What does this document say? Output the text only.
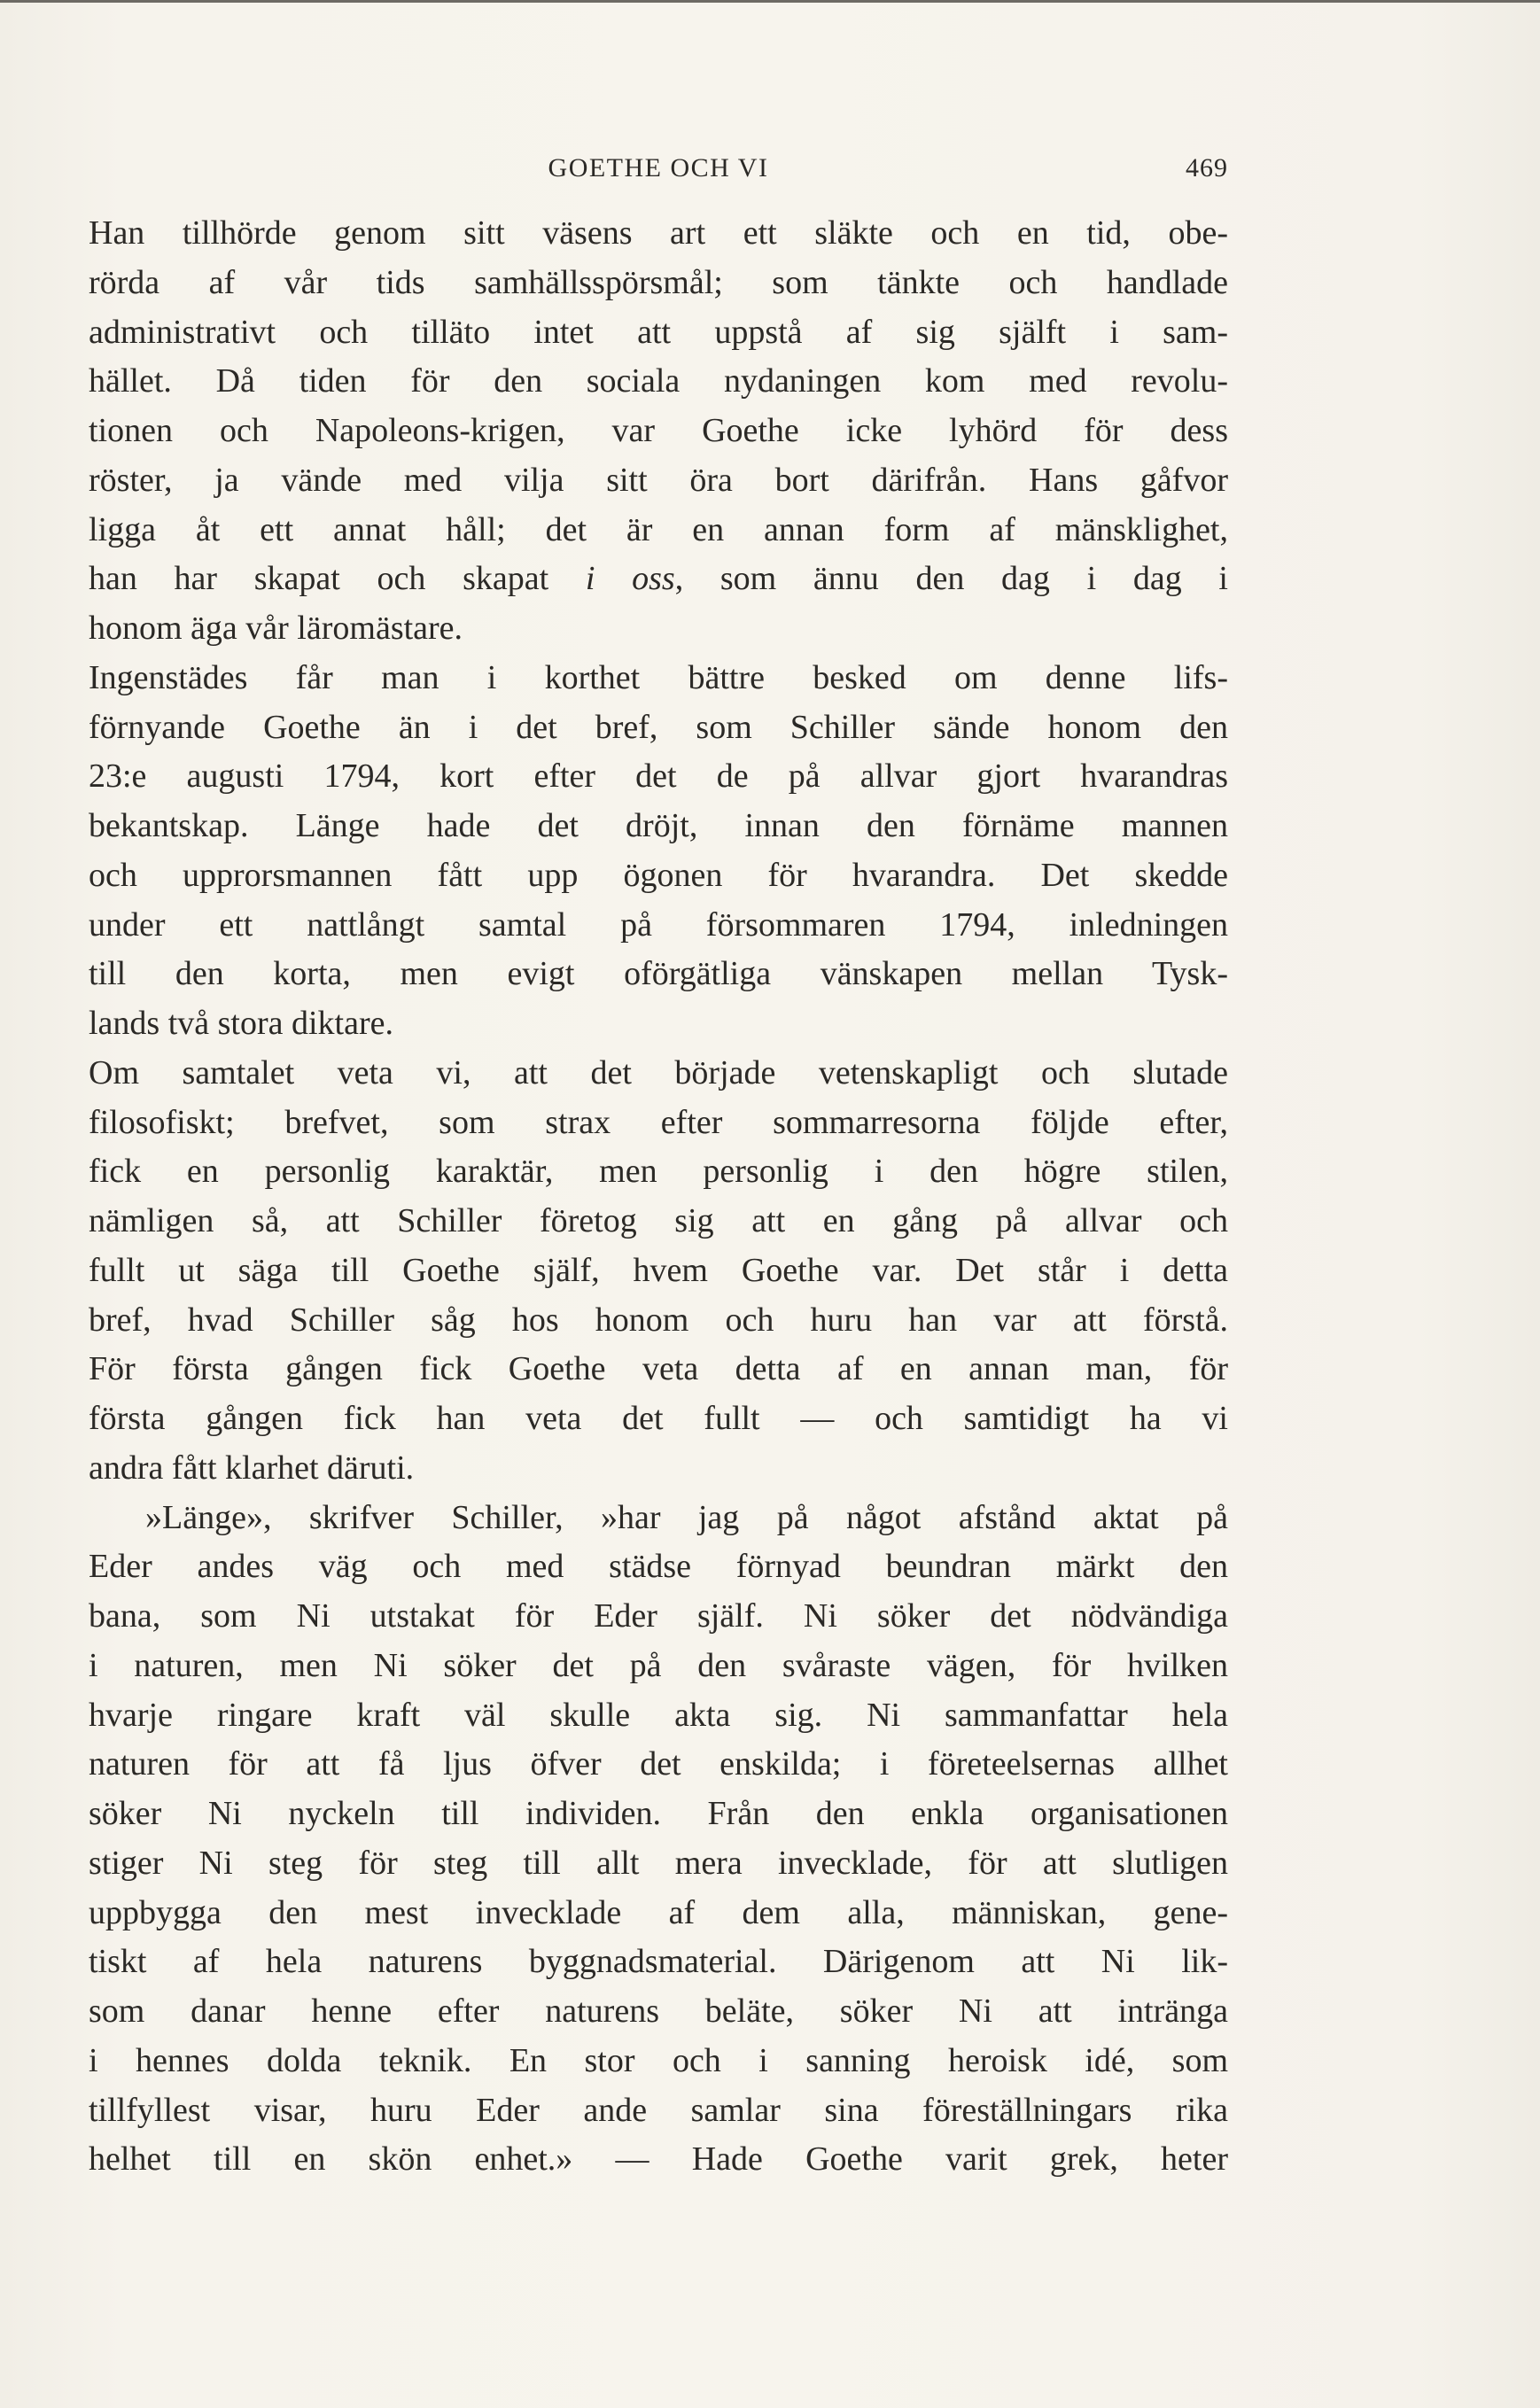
GOETHE OCH VI	469
Han tillhörde genom sitt väsens art ett släkte och en tid, obe-
rörda af vår tids samhällsspörsmål; som tänkte och handlade
administrativt och tilläto intet att uppstå af sig själft i sam-
hället. Då tiden för den sociala nydaningen kom med revolu-
tionen och Napoleons-krigen, var Goethe icke lyhörd för dess
röster, ja vände med vilja sitt öra bort därifrån. Hans gåfvor
ligga åt ett annat håll; det är en annan form af mänsklighet,
han har skapat och skapat i oss, som ännu den dag i dag i
honom äga vår läromästare.
Ingenstädes får man i korthet bättre besked om denne lifs-
förnyande Goethe än i det bref, som Schiller sände honom den
23:e augusti 1794, kort efter det de på allvar gjort hvarandras
bekantskap. Länge hade det dröjt, innan den förnäme mannen
och upprorsmannen fått upp ögonen för hvarandra. Det skedde
under ett nattlångt samtal på försommaren 1794, inledningen
till den korta, men evigt oförgätliga vänskapen mellan Tysk-
lands två stora diktare.
Om samtalet veta vi, att det började vetenskapligt och slutade
filosofiskt; brefvet, som strax efter sommarresorna följde efter,
fick en personlig karaktär, men personlig i den högre stilen,
nämligen så, att Schiller företog sig att en gång på allvar och
fullt ut säga till Goethe själf, hvem Goethe var. Det står i detta
bref, hvad Schiller såg hos honom och huru han var att förstå.
För första gången fick Goethe veta detta af en annan man, för
första gången fick han veta det fullt — och samtidigt ha vi
andra fått klarhet däruti.
»Länge», skrifver Schiller, »har jag på något afstånd aktat på
Eder andes väg och med städse förnyad beundran märkt den
bana, som Ni utstakat för Eder själf. Ni söker det nödvändiga
i naturen, men Ni söker det på den svåraste vägen, för hvilken
hvarje ringare kraft väl skulle akta sig. Ni sammanfattar hela
naturen för att få ljus öfver det enskilda; i företeelsernas allhet
söker Ni nyckeln till individen. Från den enkla organisationen
stiger Ni steg för steg till allt mera invecklade, för att slutligen
uppbygga den mest invecklade af dem alla, människan, gene-
tiskt af hela naturens byggnadsmaterial. Därigenom att Ni lik-
som danar henne efter naturens beläte, söker Ni att intränga
i hennes dolda teknik. En stor och i sanning heroisk idé, som
tillfyllest visar, huru Eder ande samlar sina föreställningars rika
helhet till en skön enhet.» — Hade Goethe varit grek, heter
